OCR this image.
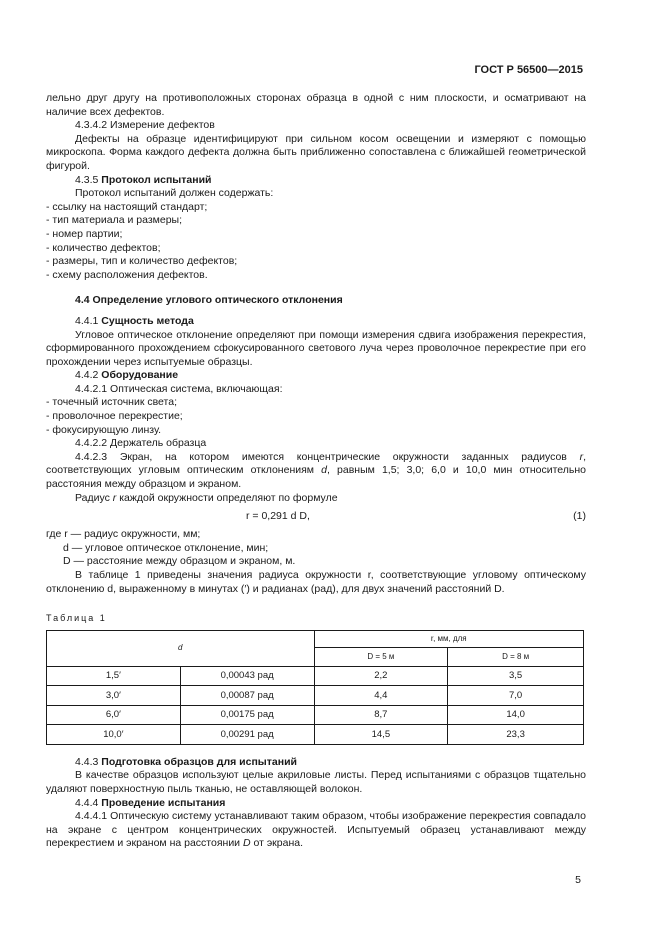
ГОСТ Р 56500—2015

лельно друг другу на противоположных сторонах образца в одной с ним плоскости, и осматривают на наличие всех дефектов.

4.3.4.2 Измерение дефектов

Дефекты на образце идентифицируют при сильном косом освещении и измеряют с помощью микроскопа. Форма каждого дефекта должна быть приближенно сопоставлена с ближайшей геометрической фигурой.

4.3.5 Протокол испытаний

Протокол испытаний должен содержать:

- ссылку на настоящий стандарт;

- тип материала и размеры;

- номер партии;

- количество дефектов;

- размеры, тип и количество дефектов;

- схему расположения дефектов.

4.4 Определение углового оптического отклонения

4.4.1 Сущность метода

Угловое оптическое отклонение определяют при помощи измерения сдвига изображения перекрестия, сформированного прохождением сфокусированного светового луча через проволочное перекрестие при его прохождении через испытуемые образцы.

4.4.2 Оборудование

4.4.2.1 Оптическая система, включающая:

- точечный источник света;

- проволочное перекрестие;

- фокусирующую линзу.

4.4.2.2 Держатель образца

4.4.2.3 Экран, на котором имеются концентрические окружности заданных радиусов r, соответствующих угловым оптическим отклонениям d, равным 1,5; 3,0; 6,0 и 10,0 мин относительно расстояния между образцом и экраном.

Радиус r каждой окружности определяют по формуле

r = 0,291 d D,	(1)

где r — радиус окружности, мм;

d — угловое оптическое отклонение, мин;

D — расстояние между образцом и экраном, м.

В таблице 1 приведены значения радиуса окружности r, соответствующие угловому оптическому отклонению d, выраженному в минутах (′) и радианах (рад), для двух значений расстояний D.

Таблица 1
d		r, мм, для	
		D = 5 м	D = 8 м
1,5′	0,00043 рад	2,2	3,5
3,0′	0,00087 рад	4,4	7,0
6,0′	0,00175 рад	8,7	14,0
10,0′	0,00291 рад	14,5	23,3

4.4.3 Подготовка образцов для испытаний

В качестве образцов используют целые акриловые листы. Перед испытаниями с образцов тщательно удаляют поверхностную пыль тканью, не оставляющей волокон.

4.4.4 Проведение испытания

4.4.4.1 Оптическую систему устанавливают таким образом, чтобы изображение перекрестия совпадало на экране с центром концентрических окружностей. Испытуемый образец устанавливают между перекрестием и экраном на расстоянии D от экрана.

5
